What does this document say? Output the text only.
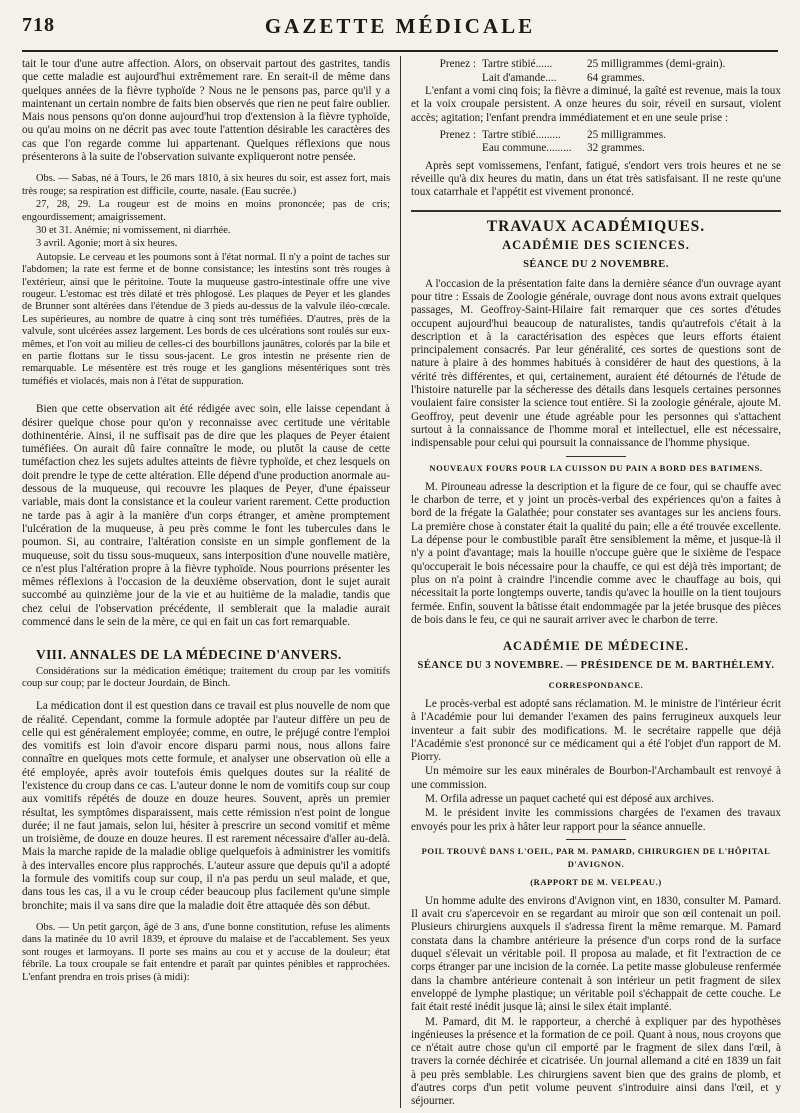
718	GAZETTE MÉDICALE

tait le tour d'une autre affection. Alors, on observait partout des gastrites, tandis que cette maladie est aujourd'hui extrêmement rare. En serait-il de même dans quelques années de la fièvre typhoïde ? Nous ne le pensons pas, parce qu'il y a maintenant un certain nombre de faits bien observés que rien ne peut faire oublier. Mais nous pensons qu'on donne aujourd'hui trop d'extension à la fièvre typhoïde, ou qu'au moins on ne décrit pas avec toute l'attention désirable les caractères des cas que l'on regarde comme lui appartenant. Quelques réflexions que nous présenterons à la suite de l'observation suivante expliqueront notre pensée.

Obs. — Sabas, né à Tours, le 26 mars 1810, à six heures du soir, est assez fort, mais très rouge; sa respiration est difficile, courte, nasale. (Eau sucrée.)

27, 28, 29. La rougeur est de moins en moins prononcée; pas de cris; engourdissement; amaigrissement.

30 et 31. Anémie; ni vomissement, ni diarrhée.

3 avril. Agonie; mort à six heures.

Autopsie. Le cerveau et les poumons sont à l'état normal. Il n'y a point de taches sur l'abdomen; la rate est ferme et de bonne consistance; les intestins sont très rouges à l'extérieur, ainsi que le péritoine. Toute la muqueuse gastro-intestinale offre une vive rougeur. L'estomac est très dilaté et très phlogosé. Les plaques de Peyer et les glandes de Brunner sont altérées dans l'étendue de 3 pieds au-dessus de la valvule iléo-cœcale. Les supérieures, au nombre de quatre à cinq sont très tuméfiées. D'autres, près de la valvule, sont ulcérées assez largement. Les bords de ces ulcérations sont roulés sur eux-mêmes, et l'on voit au milieu de celles-ci des bourbillons jaunâtres, colorés par la bile et en partie flottans sur le tissu sous-jacent. Le gros intestin ne présente rien de remarquable. Le mésentère est très rouge et les ganglions mésentériques sont très tuméfiés et violacés, mais non à l'état de suppuration.

Bien que cette observation ait été rédigée avec soin, elle laisse cependant à désirer quelque chose pour qu'on y reconnaisse avec certitude une véritable dothinentérie. Ainsi, il ne suffisait pas de dire que les plaques de Peyer étaient tuméfiées. On aurait dû faire connaître le mode, ou plutôt la cause de cette tuméfaction chez les sujets adultes atteints de fièvre typhoïde, et chez lesquels on doit prendre le type de cette altération. Elle dépend d'une production anormale au-dessous de la muqueuse, qui recouvre les plaques de Peyer, d'une épaisseur variable, mais dont la consistance et la couleur varient rarement. Cette production ne tarde pas à agir à la manière d'un corps étranger, et amène promptement l'ulcération de la muqueuse, à peu près comme le font les tubercules dans le poumon. Si, au contraire, l'altération consiste en un simple gonflement de la muqueuse, soit du tissu sous-muqueux, sans interposition d'une nouvelle matière, ce n'est plus l'altération propre à la fièvre typhoïde. Nous pourrions présenter les mêmes réflexions à l'occasion de la deuxième observation, dont le sujet aurait succombé au quinzième jour de la vie et au huitième de la maladie, tandis que chez celui de l'observation précédente, il semblerait que la maladie aurait commencé dans le sein de la mère, ce qui en fait un cas fort remarquable.

VIII. ANNALES DE LA MÉDECINE D'ANVERS.

Considérations sur la médication émétique; traitement du croup par les vomitifs coup sur coup; par le docteur Jourdain, de Binch.

La médication dont il est question dans ce travail est plus nouvelle de nom que de réalité. Cependant, comme la formule adoptée par l'auteur diffère un peu de celle qui est généralement employée; comme, en outre, le préjugé contre l'emploi des vomitifs est loin d'avoir encore disparu parmi nous, nous allons faire connaître en quelques mots cette formule, et analyser une observation où elle a été employée, après avoir toutefois émis quelques doutes sur la réalité de l'existence du croup dans ce cas. L'auteur donne le nom de vomitifs coup sur coup aux vomitifs répétés de douze en douze heures. Souvent, après un premier résultat, les symptômes disparaissent, mais cette rémission n'est point de longue durée; il ne faut jamais, selon lui, hésiter à prescrire un second vomitif et même un troisième, de douze en douze heures. Il est rarement nécessaire d'aller au-delà. Mais la marche rapide de la maladie oblige quelquefois à administrer les vomitifs à des intervalles encore plus rapprochés. L'auteur assure que depuis qu'il a adopté la formule des vomitifs coup sur coup, il n'a pas perdu un seul malade, et que, dans tous les cas, il a vu le croup céder beaucoup plus facilement qu'une simple bronchite; mais il va sans dire que la maladie doit être attaquée dès son début.

Obs. — Un petit garçon, âgé de 3 ans, d'une bonne constitution, refuse les aliments dans la matinée du 10 avril 1839, et éprouve du malaise et de l'accablement. Ses yeux sont rouges et larmoyans. Il porte ses mains au cou et y accuse de la douleur; état fébrile. La toux croupale se fait entendre et paraît par quintes pénibles et rapprochées. L'enfant prendra en trois prises (à midi):

Prenez : Tartre stibié......	25 milligrammes (demi-grain).
Lait d'amande....	64 grammes.

L'enfant a vomi cinq fois; la fièvre a diminué, la gaîté est revenue, mais la toux et la voix croupale persistent. A onze heures du soir, réveil en sursaut, violent accès; agitation; l'enfant prendra immédiatement et en une seule prise :

Prenez : Tartre stibié.........	25 milligrammes.
Eau commune.........	32 grammes.

Après sept vomissemens, l'enfant, fatigué, s'endort vers trois heures et ne se réveille qu'à dix heures du matin, dans un état très satisfaisant. Il ne reste qu'une toux catarrhale et l'appétit est vivement prononcé.

TRAVAUX ACADÉMIQUES.
ACADÉMIE DES SCIENCES.
SÉANCE DU 2 NOVEMBRE.

A l'occasion de la présentation faite dans la dernière séance d'un ouvrage ayant pour titre : Essais de Zoologie générale, ouvrage dont nous avons extrait quelques passages, M. Geoffroy-Saint-Hilaire fait remarquer que ces sortes d'études occupent aujourd'hui beaucoup de naturalistes, tandis qu'autrefois c'était à la description et à la caractérisation des espèces que leurs efforts étaient principalement consacrés. Par leur généralité, ces sortes de questions sont de nature à plaire à des hommes habitués à considérer de haut des questions, à la vérité très différentes, et qui, certainement, auraient été détournés de l'étude de l'histoire naturelle par la sécheresse des détails dans lesquels certaines personnes voulaient faire consister la science tout entière. Si la zoologie générale, ajoute M. Geoffroy, peut devenir une étude agréable pour les personnes qui s'attachent surtout à la connaissance de l'homme moral et intellectuel, elle est nécessaire, indispensable pour celui qui poursuit la connaissance de l'homme physique.

NOUVEAUX FOURS POUR LA CUISSON DU PAIN A BORD DES BATIMENS.

M. Pirouneau adresse la description et la figure de ce four, qui se chauffe avec le charbon de terre, et y joint un procès-verbal des expériences qu'on a faites à bord de la frégate la Galathée; pour constater ses avantages sur les anciens fours. La première chose à constater était la qualité du pain; elle a été trouvée excellente. La dépense pour le combustible paraît être sensiblement la même, et jusque-là il n'y a point d'avantage; mais la houille n'occupe guère que le sixième de l'espace qu'occuperait le bois nécessaire pour la chauffe, ce qui est déjà très important; de plus on n'a point à craindre l'incendie comme avec le chauffage au bois, qui nécessitait la porte longtemps ouverte, tandis qu'avec la houille on la tient toujours fermée. Enfin, souvent la bâtisse était endommagée par la jetée brusque des pièces de bois dans le feu, ce qui ne saurait arriver avec le charbon de terre.

ACADÉMIE DE MÉDECINE.
SÉANCE DU 3 NOVEMBRE. — PRÉSIDENCE DE M. BARTHÉLEMY.
CORRESPONDANCE.

Le procès-verbal est adopté sans réclamation. M. le ministre de l'intérieur écrit à l'Académie pour lui demander l'examen des pains ferrugineux auxquels leur inventeur a fait subir des modifications. M. le secrétaire rappelle que déjà l'Académie s'est prononcé sur ce médicament qui a été l'objet d'un rapport de M. Piorry.

Un mémoire sur les eaux minérales de Bourbon-l'Archambault est renvoyé à une commission.

M. Orfila adresse un paquet cacheté qui est déposé aux archives.

M. le président invite les commissions chargées de l'examen des travaux envoyés pour les prix à hâter leur rapport pour la séance annuelle.

POIL TROUVÉ DANS L'OEIL, PAR M. PAMARD, CHIRURGIEN DE L'HÔPITAL D'AVIGNON.
(RAPPORT DE M. VELPEAU.)

Un homme adulte des environs d'Avignon vint, en 1830, consulter M. Pamard. Il avait cru s'apercevoir en se regardant au miroir que son œil contenait un poil. Plusieurs chirurgiens auxquels il s'adressa firent la même remarque. M. Pamard constata dans la chambre antérieure la présence d'un corps rond de la surface duquel s'élevait un véritable poil. Il proposa au malade, et fit l'extraction de ce corps étranger par une incision de la cornée. La petite masse globuleuse renfermée dans la chambre antérieure contenait à son intérieur un petit fragment de silex enveloppé de lymphe plastique; un véritable poil s'échappait de cette couche. Le fait était resté inédit jusque là; ainsi le silex était implanté.

M. Pamard, dit M. le rapporteur, a cherché à expliquer par des hypothèses ingénieuses la présence et la formation de ce poil. Quant à nous, nous croyons que ce n'était autre chose qu'un cil emporté par le fragment de silex dans l'œil, à travers la cornée déchirée et cicatrisée. Un journal allemand a cité en 1839 un fait à peu près semblable. Les chirurgiens savent bien que des grains de plomb, et d'autres corps d'un petit volume peuvent s'introduire ainsi dans l'œil, et y séjourner.
